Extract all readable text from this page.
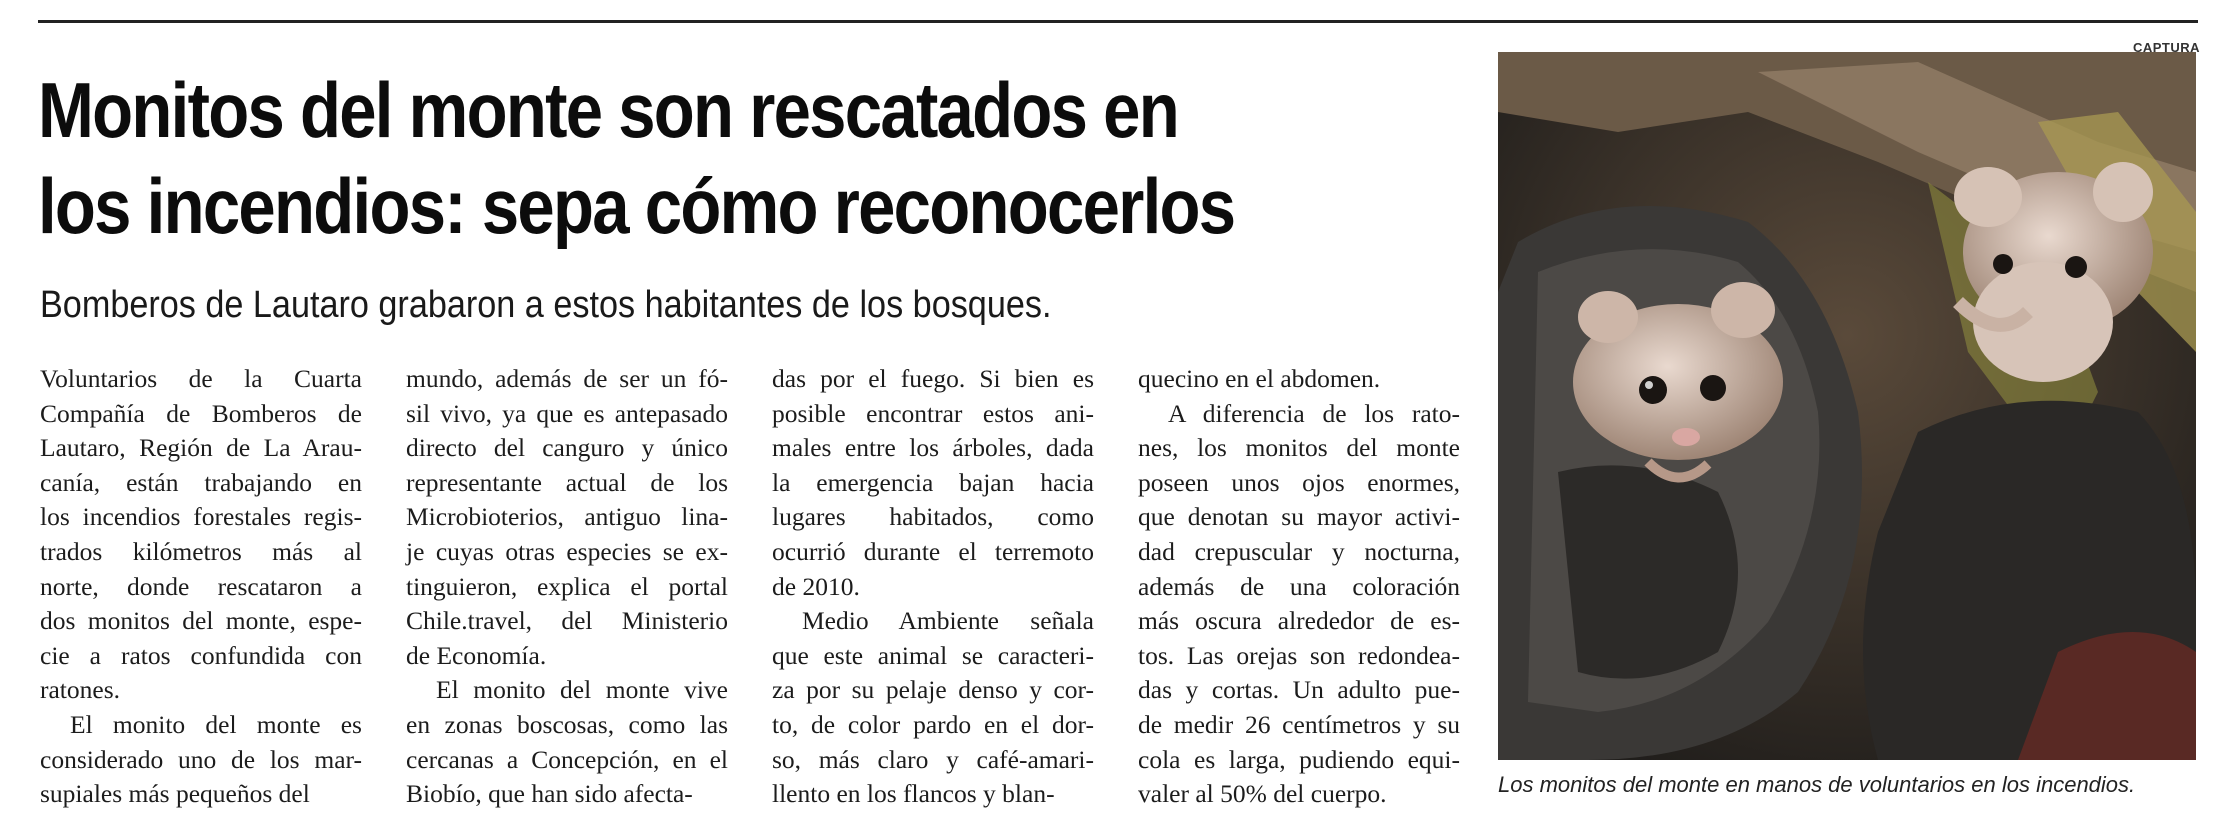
Monitos del monte son rescatados en
los incendios: sepa cómo reconocerlos
Bomberos de Lautaro grabaron a estos habitantes de los bosques.
Voluntarios de la Cuarta
Compañía de Bomberos de
Lautaro, Región de La Arau-
canía, están trabajando en
los incendios forestales regis-
trados kilómetros más al
norte, donde rescataron a
dos monitos del monte, espe-
cie a ratos confundida con
ratones.
El monito del monte es
considerado uno de los mar-
supiales más pequeños del
mundo, además de ser un fó-
sil vivo, ya que es antepasado
directo del canguro y único
representante actual de los
Microbioterios, antiguo lina-
je cuyas otras especies se ex-
tinguieron, explica el portal
Chile.travel, del Ministerio
de Economía.
El monito del monte vive
en zonas boscosas, como las
cercanas a Concepción, en el
Biobío, que han sido afecta-
das por el fuego. Si bien es
posible encontrar estos ani-
males entre los árboles, dada
la emergencia bajan hacia
lugares habitados, como
ocurrió durante el terremoto
de 2010.
Medio Ambiente señala
que este animal se caracteri-
za por su pelaje denso y cor-
to, de color pardo en el dor-
so, más claro y café-amari-
llento en los flancos y blan-
quecino en el abdomen.
A diferencia de los rato-
nes, los monitos del monte
poseen unos ojos enormes,
que denotan su mayor activi-
dad crepuscular y nocturna,
además de una coloración
más oscura alrededor de es-
tos. Las orejas son redondea-
das y cortas. Un adulto pue-
de medir 26 centímetros y su
cola es larga, pudiendo equi-
valer al 50% del cuerpo.
CAPTURA
Los monitos del monte en manos de voluntarios en los incendios.
